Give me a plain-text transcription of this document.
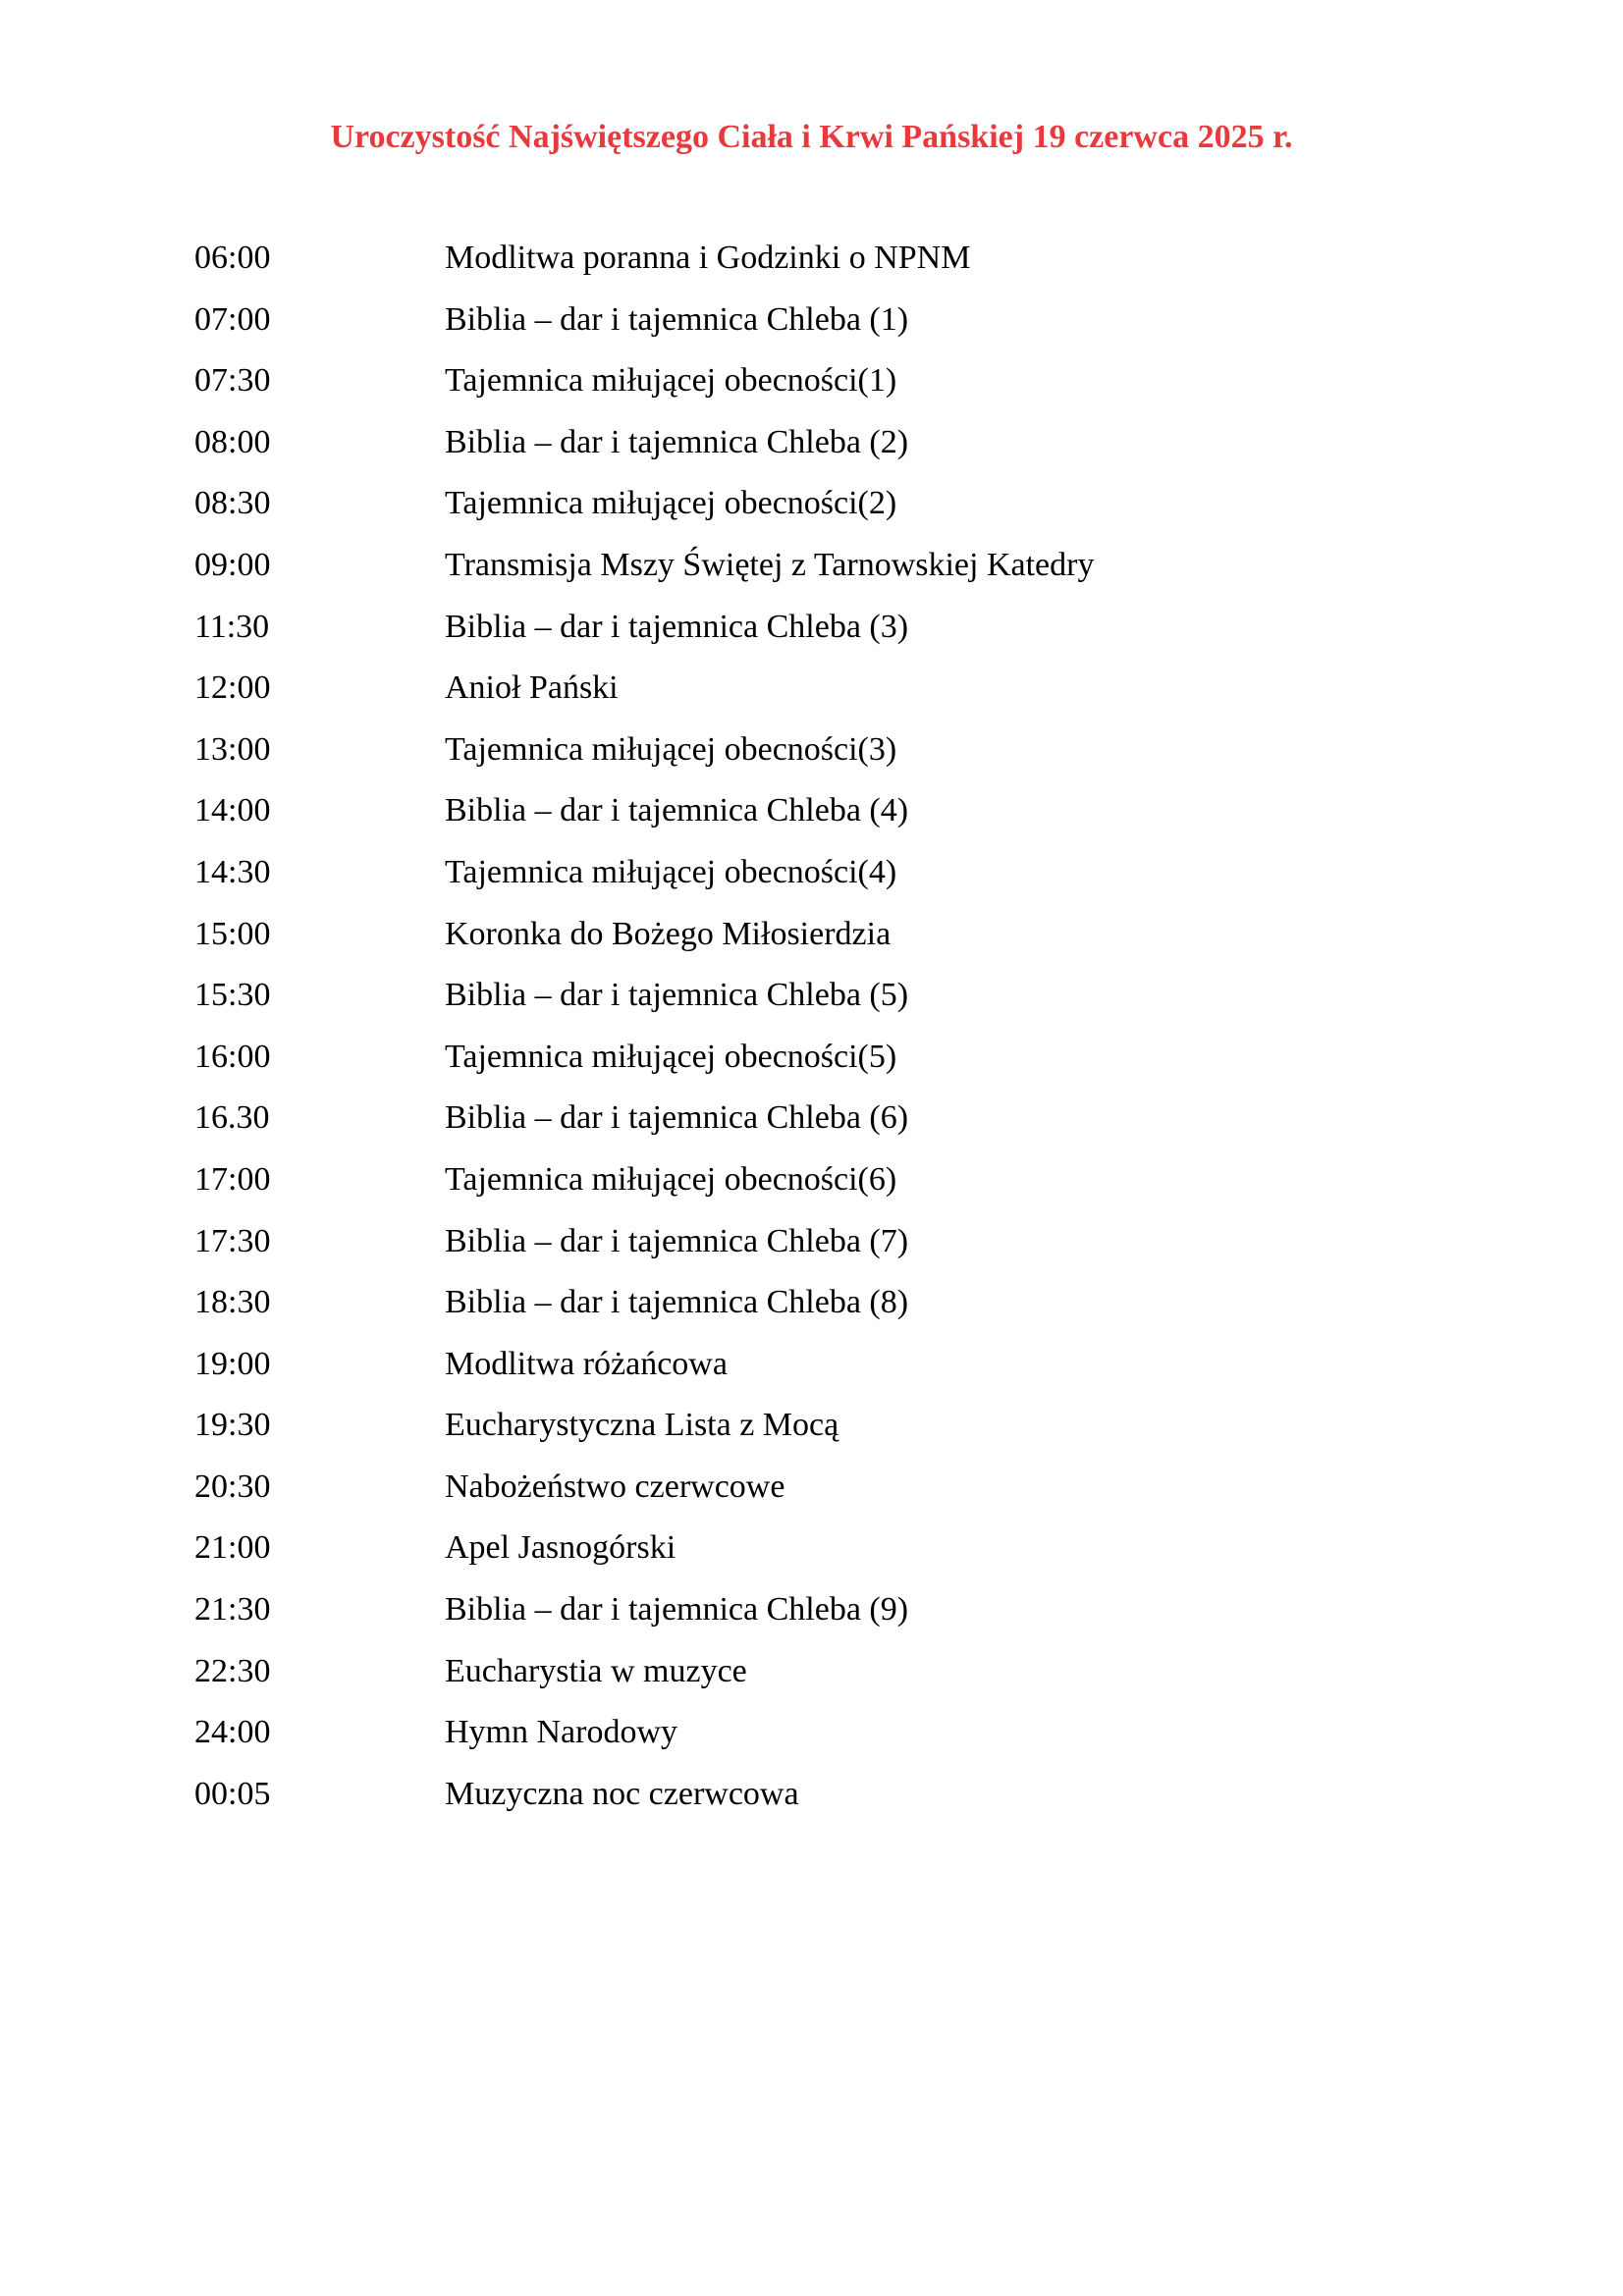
Uroczystość Najświętszego Ciała i Krwi Pańskiej 19 czerwca 2025 r.
06:00	Modlitwa poranna i Godzinki o NPNM
07:00	Biblia – dar i tajemnica Chleba (1)
07:30	Tajemnica miłującej obecności(1)
08:00	Biblia – dar i tajemnica Chleba (2)
08:30	Tajemnica miłującej obecności(2)
09:00	Transmisja Mszy Świętej z Tarnowskiej Katedry
11:30	Biblia – dar i tajemnica Chleba (3)
12:00	Anioł Pański
13:00	Tajemnica miłującej obecności(3)
14:00	Biblia – dar i tajemnica Chleba (4)
14:30	Tajemnica miłującej obecności(4)
15:00	Koronka do Bożego Miłosierdzia
15:30	Biblia – dar i tajemnica Chleba (5)
16:00	Tajemnica miłującej obecności(5)
16.30	Biblia – dar i tajemnica Chleba (6)
17:00	Tajemnica miłującej obecności(6)
17:30	Biblia – dar i tajemnica Chleba (7)
18:30	Biblia – dar i tajemnica Chleba (8)
19:00	Modlitwa różańcowa
19:30	Eucharystyczna Lista z Mocą
20:30	Nabożeństwo czerwcowe
21:00	Apel Jasnogórski
21:30	Biblia – dar i tajemnica Chleba (9)
22:30	Eucharystia w muzyce
24:00	Hymn Narodowy
00:05	Muzyczna noc czerwcowa
